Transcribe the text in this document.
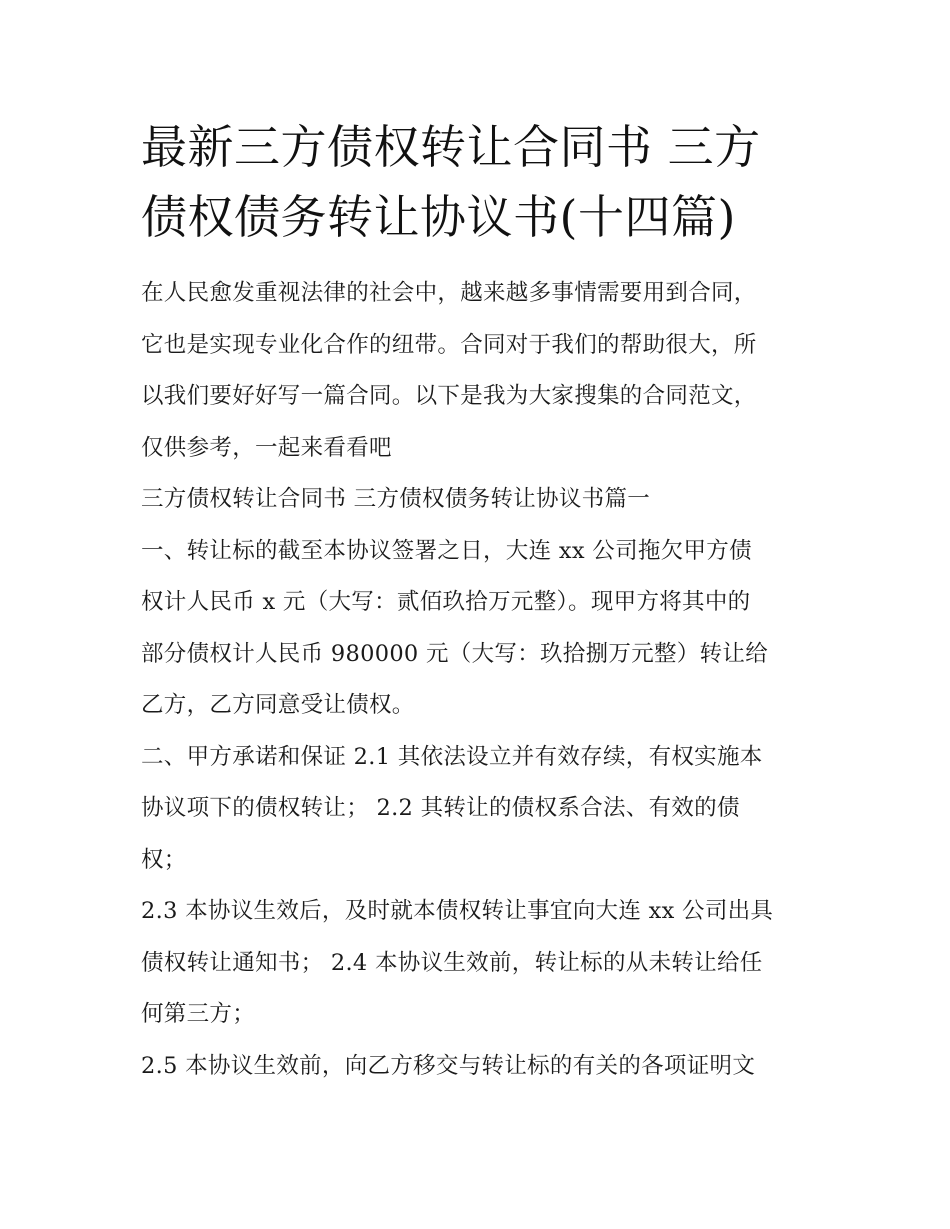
最新三方债权转让合同书 三方
债权债务转让协议书(十四篇)

在人民愈发重视法律的社会中，越来越多事情需要用到合同，
它也是实现专业化合作的纽带。合同对于我们的帮助很大，所
以我们要好好写一篇合同。以下是我为大家搜集的合同范文，
仅供参考，一起来看看吧

三方债权转让合同书 三方债权债务转让协议书篇一

一、转让标的截至本协议签署之日，大连 xx 公司拖欠甲方债
权计人民币 x 元（大写：贰佰玖拾万元整）。现甲方将其中的
部分债权计人民币 980000 元（大写：玖拾捌万元整）转让给
乙方，乙方同意受让债权。

二、甲方承诺和保证 2.1 其依法设立并有效存续，有权实施本
协议项下的债权转让； 2.2 其转让的债权系合法、有效的债
权；

2.3 本协议生效后，及时就本债权转让事宜向大连 xx 公司出具
债权转让通知书； 2.4 本协议生效前，转让标的从未转让给任
何第三方；

2.5 本协议生效前，向乙方移交与转让标的有关的各项证明文
